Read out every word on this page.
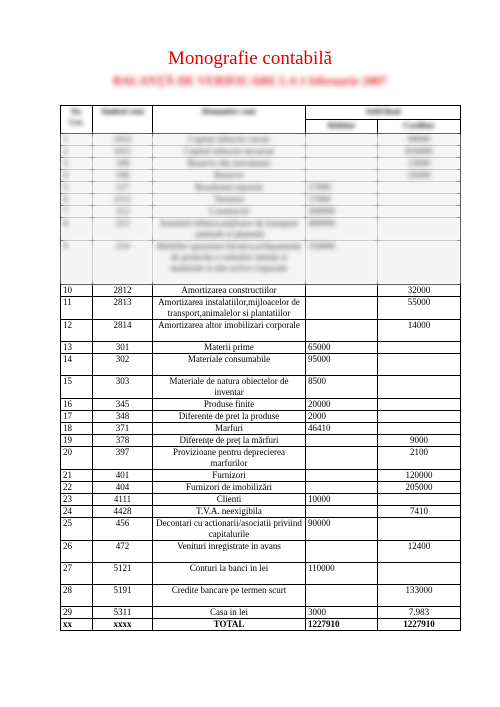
Monografie contabilă
BALANȚĂ DE VERIFICARE LA 1 februarie 2007
Nr. Crt.	Simbol cont	Denumire cont	Sold final	
			Debitor	Creditor
1	1012	Capital subscris varsat		90000
2	1011	Capital subscris nevarsat		810000
3	106	Rezerve din reevaluare		13000
4	106	Rezerve		25000
5	117	Rezultatul reportat	17000	
6	2111	Terenuri	17000	
7	212	Constructii	200000	
8	213	Instalatii tehnice,mijloace de transport ,animale si plantatii	400000	
9	214	Mobilier aparatura birotica,echipamente de protectie a valorilor umane si materiale si alte active corporale	150000	
10	2812	Amortizarea constructiilor		32000
11	2813	Amortizarea instalatiilor,mijloacelor de transport,animalelor si plantatiilor		55000
12	2814	Amortizarea altor imobilizari corporale		14000
13	301	Materii prime	65000	
14	302	Materiale consumabile	95000	
15	303	Materiale de natura obiectelor de inventar	8500	
16	345	Produse finite	20000	
17	348	Diferente de pret la produse	2000	
18	371	Marfuri	46410	
19	378	Diferențe de preț la mărfuri		9000
20	397	Provizioane pentru deprecierea marfurilor		2100
21	401	Furnizori		120000
22	404	Furnizori de imobilizări		205000
23	4111	Clienti	10000	
24	4428	T.V.A. neexigibila		7410
25	456	Decontari cu actionarii/asociatii priviind capitalurile	90000	
26	472	Venituri inregistrate in avans		12400
27	5121	Conturi la banci in lei	110000	
28	5191	Credite bancare pe termen scurt		133000
29	5311	Casa in lei	3000	7.983
xx	xxxx	TOTAL	1227910	1227910
